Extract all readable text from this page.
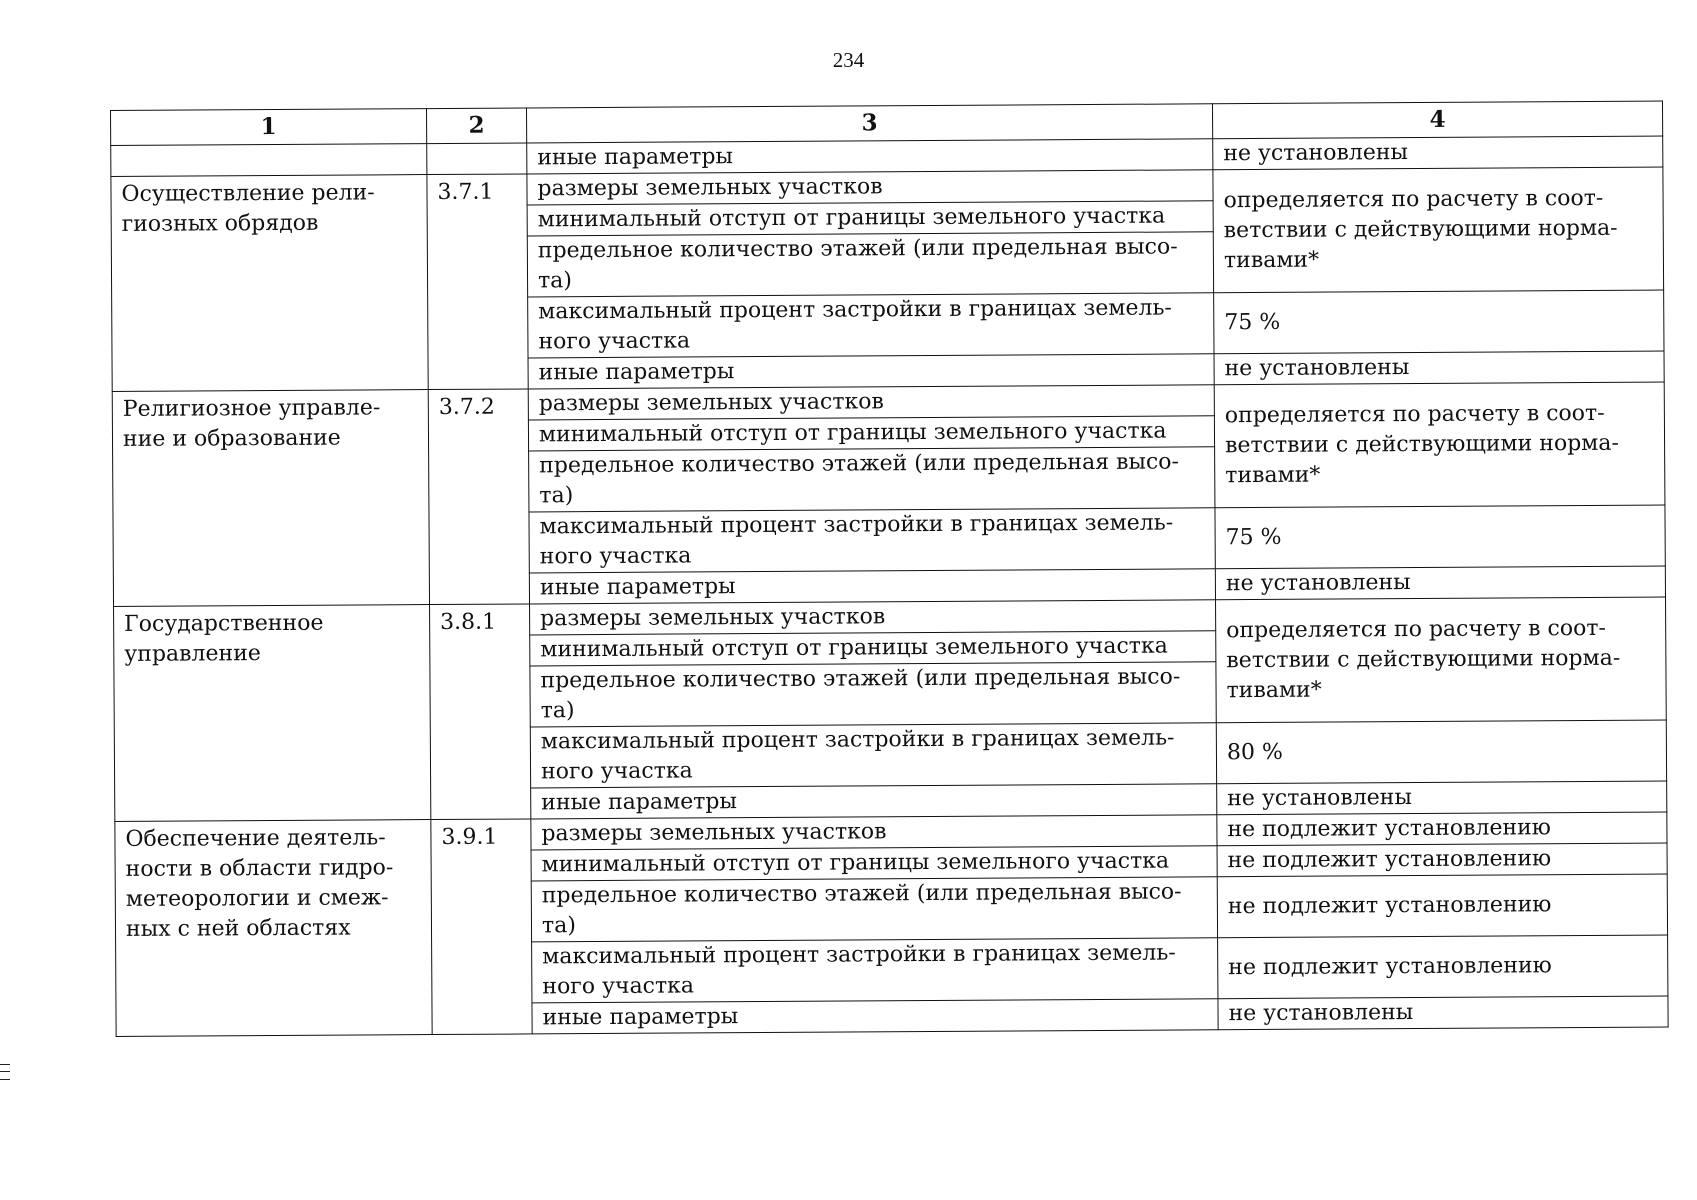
234
1	2	3	4
		иные параметры	не установлены
Осуществление рели-
гиозных обрядов	3.7.1	размеры земельных участков	определяется по расчету в соот-
ветствии с действующими норма-
тивами*
		минимальный отступ от границы земельного участка	
		предельное количество этажей (или предельная высо-
та)	
		максимальный процент застройки в границах земель-
ного участка	75 %
		иные параметры	не установлены
Религиозное управле-
ние и образование	3.7.2	размеры земельных участков	определяется по расчету в соот-
ветствии с действующими норма-
тивами*
		минимальный отступ от границы земельного участка	
		предельное количество этажей (или предельная высо-
та)	
		максимальный процент застройки в границах земель-
ного участка	75 %
		иные параметры	не установлены
Государственное
управление	3.8.1	размеры земельных участков	определяется по расчету в соот-
ветствии с действующими норма-
тивами*
		минимальный отступ от границы земельного участка	
		предельное количество этажей (или предельная высо-
та)	
		максимальный процент застройки в границах земель-
ного участка	80 %
		иные параметры	не установлены
Обеспечение деятель-
ности в области гидро-
метеорологии и смеж-
ных с ней областях	3.9.1	размеры земельных участков	не подлежит установлению
		минимальный отступ от границы земельного участка	не подлежит установлению
		предельное количество этажей (или предельная высо-
та)	не подлежит установлению
		максимальный процент застройки в границах земель-
ного участка	не подлежит установлению
		иные параметры	не установлены
